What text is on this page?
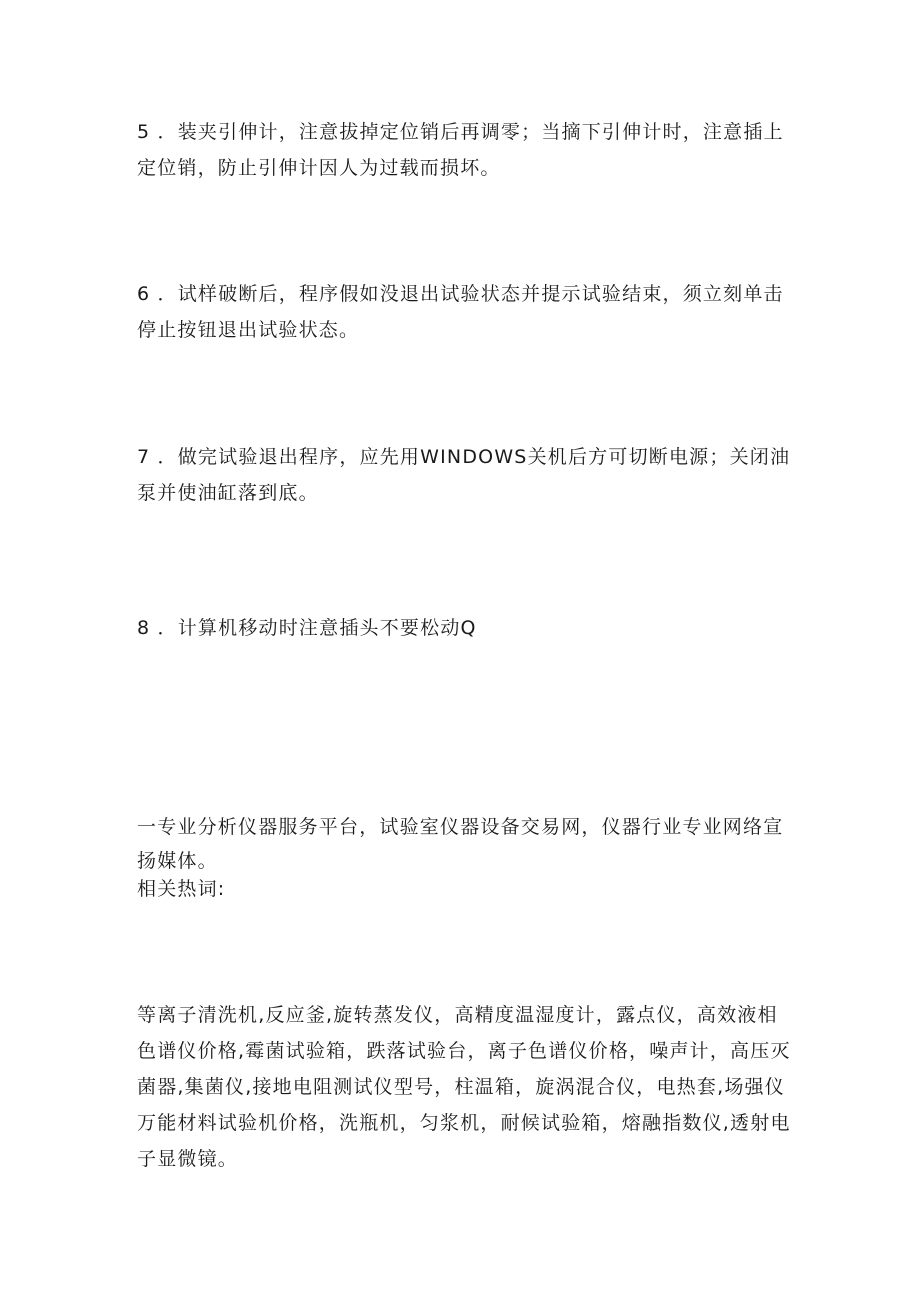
5 ．装夹引伸计，注意拔掉定位销后再调零；当摘下引伸计时，注意插上定位销，防止引伸计因人为过载而损坏。

6 ．试样破断后，程序假如没退出试验状态并提示试验结束，须立刻单击停止按钮退出试验状态。

7 ．做完试验退出程序，应先用WINDOWS关机后方可切断电源；关闭油泵并使油缸落到底。

8 ．计算机移动时注意插头不要松动Q

一专业分析仪器服务平台，试验室仪器设备交易网，仪器行业专业网络宣扬媒体。

相关热词:

等离子清洗机,反应釜,旋转蒸发仪，高精度温湿度计，露点仪，高效液相色谱仪价格,霉菌试验箱，跌落试验台，离子色谱仪价格，噪声计，高压灭菌器,集菌仪,接地电阻测试仪型号，柱温箱，旋涡混合仪，电热套,场强仪万能材料试验机价格，洗瓶机，匀浆机，耐候试验箱，熔融指数仪,透射电子显微镜。
